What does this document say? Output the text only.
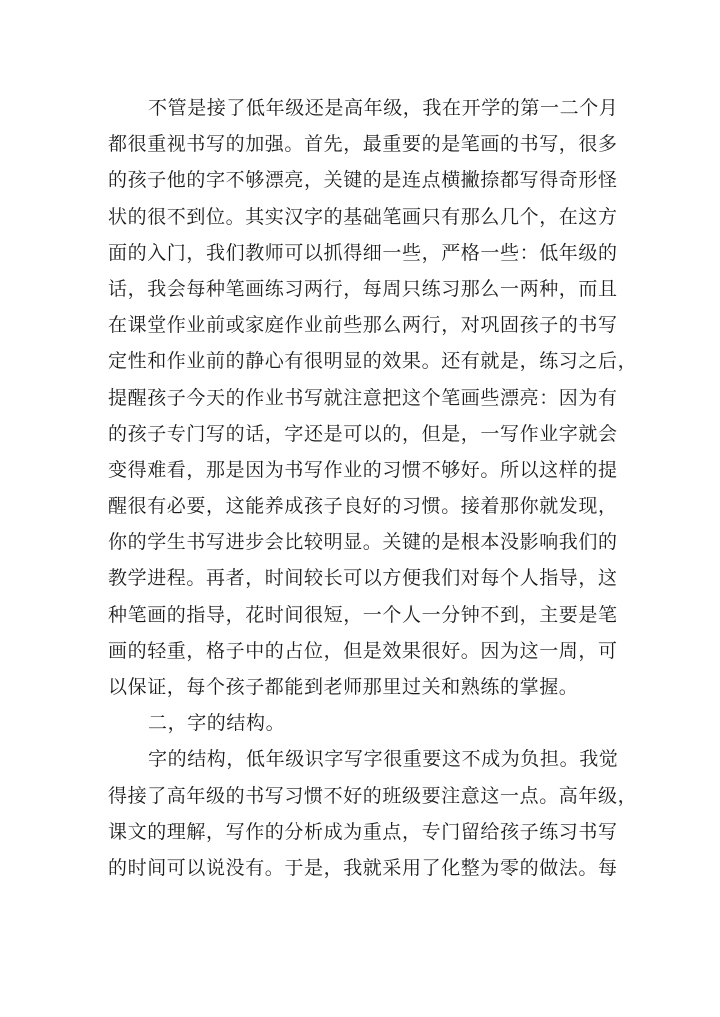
不管是接了低年级还是高年级，我在开学的第一二个月
都很重视书写的加强。首先，最重要的是笔画的书写，很多
的孩子他的字不够漂亮，关键的是连点横撇捺都写得奇形怪
状的很不到位。其实汉字的基础笔画只有那么几个，在这方
面的入门，我们教师可以抓得细一些，严格一些：低年级的
话，我会每种笔画练习两行，每周只练习那么一两种，而且
在课堂作业前或家庭作业前些那么两行，对巩固孩子的书写
定性和作业前的静心有很明显的效果。还有就是，练习之后，
提醒孩子今天的作业书写就注意把这个笔画些漂亮：因为有
的孩子专门写的话，字还是可以的，但是，一写作业字就会
变得难看，那是因为书写作业的习惯不够好。所以这样的提
醒很有必要，这能养成孩子良好的习惯。接着那你就发现，
你的学生书写进步会比较明显。关键的是根本没影响我们的
教学进程。再者，时间较长可以方便我们对每个人指导，这
种笔画的指导，花时间很短，一个人一分钟不到，主要是笔
画的轻重，格子中的占位，但是效果很好。因为这一周，可
以保证，每个孩子都能到老师那里过关和熟练的掌握。
二，字的结构。
字的结构，低年级识字写字很重要这不成为负担。我觉
得接了高年级的书写习惯不好的班级要注意这一点。高年级，
课文的理解，写作的分析成为重点，专门留给孩子练习书写
的时间可以说没有。于是，我就采用了化整为零的做法。每
